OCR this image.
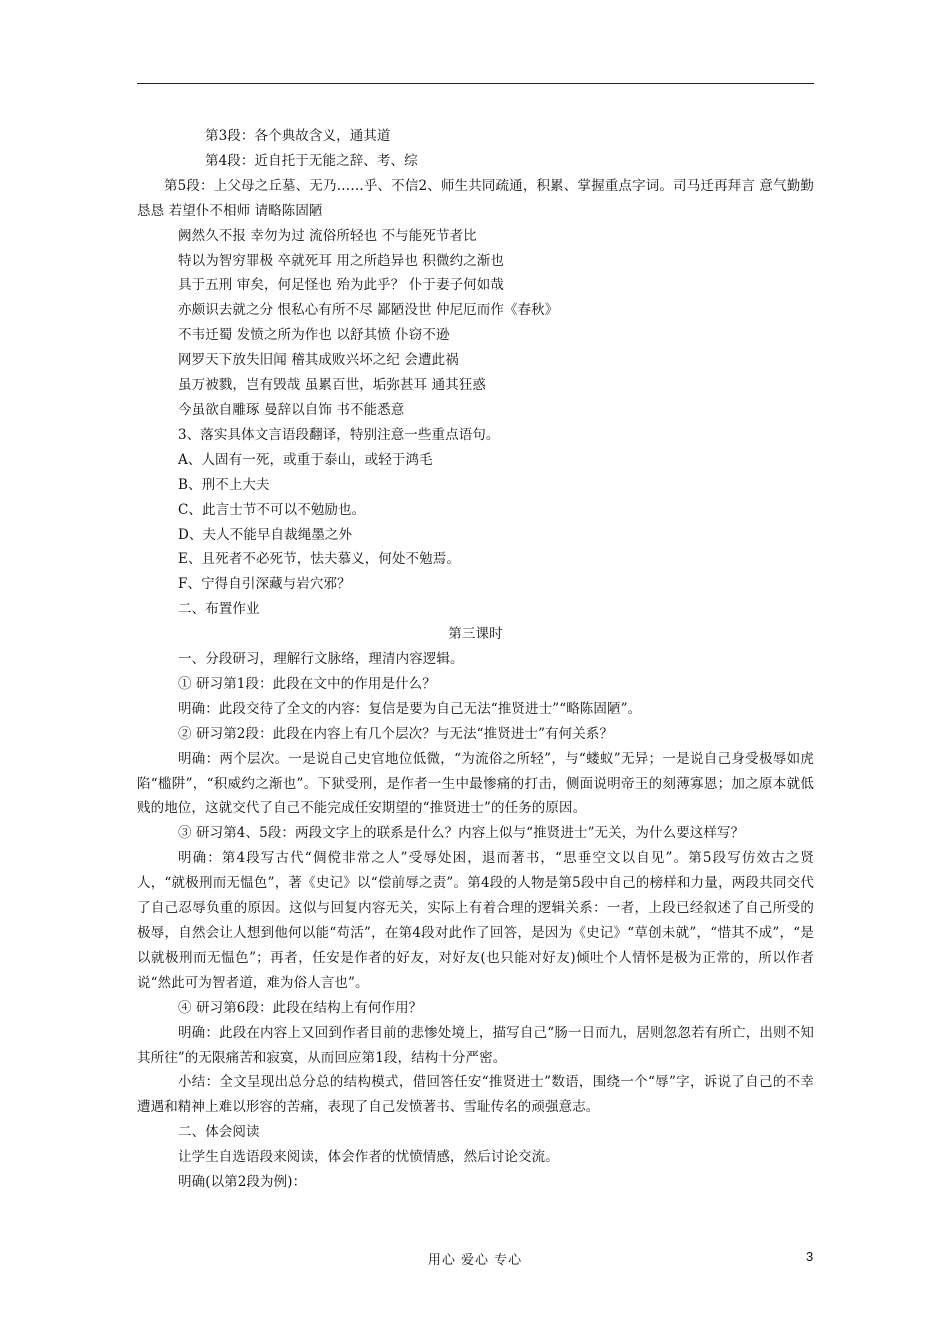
第3段：各个典故含义，通其道

第4段：近自托于无能之辞、考、综

第5段：上父母之丘墓、无乃……乎、不信2、师生共同疏通，积累、掌握重点字词。司马迁再拜言 意气勤勤恳恳 若望仆不相师 请略陈固陋

阙然久不报 幸勿为过 流俗所轻也 不与能死节者比

特以为智穷罪极 卒就死耳 用之所趋异也 积微约之渐也

具于五刑 审矣，何足怪也 殆为此乎？ 仆于妻子何如哉

亦颇识去就之分 恨私心有所不尽 鄙陋没世 仲尼厄而作《春秋》

不韦迁蜀 发愤之所为作也 以舒其愤 仆窃不逊

网罗天下放失旧闻 稽其成败兴坏之纪 会遭此祸

虽万被戮，岂有毁哉 虽累百世，垢弥甚耳 通其狂惑

今虽欲自雕琢 曼辞以自饰 书不能悉意

3、落实具体文言语段翻译，特别注意一些重点语句。

A、人固有一死，或重于泰山，或轻于鸿毛

B、刑不上大夫

C、此言士节不可以不勉励也。

D、夫人不能早自裁绳墨之外

E、且死者不必死节，怯夫慕义，何处不勉焉。

F、宁得自引深藏与岩穴邪？

二、布置作业

第三课时

一、分段研习，理解行文脉络，理清内容逻辑。

① 研习第1段：此段在文中的作用是什么？

明确：此段交待了全文的内容：复信是要为自己无法“推贤进士”“略陈固陋”。

② 研习第2段：此段在内容上有几个层次？与无法“推贤进士”有何关系？

明确：两个层次。一是说自己史官地位低微，“为流俗之所轻”，与“蝼蚁”无异；一是说自己身受极辱如虎陷“槛阱”，“积威约之渐也”。下狱受刑，是作者一生中最惨痛的打击，侧面说明帝王的刻薄寡恩；加之原本就低贱的地位，这就交代了自己不能完成任安期望的“推贤进士”的任务的原因。

③ 研习第4、5段：两段文字上的联系是什么？内容上似与“推贤进士”无关，为什么要这样写？

明确：第4段写古代“倜傥非常之人”受辱处困，退而著书，“思垂空文以自见”。第5段写仿效古之贤人，“就极刑而无愠色”，著《史记》以“偿前辱之责”。第4段的人物是第5段中自己的榜样和力量，两段共同交代了自己忍辱负重的原因。这似与回复内容无关，实际上有着合理的逻辑关系：一者，上段已经叙述了自己所受的极辱，自然会让人想到他何以能“苟活”，在第4段对此作了回答，是因为《史记》“草创未就”，“惜其不成”，“是以就极刑而无愠色”；再者，任安是作者的好友，对好友(也只能对好友)倾吐个人情怀是极为正常的，所以作者说“然此可为智者道，难为俗人言也”。

④ 研习第6段：此段在结构上有何作用？

明确：此段在内容上又回到作者目前的悲惨处境上，描写自己“肠一日而九，居则忽忽若有所亡，出则不知其所往”的无限痛苦和寂寞，从而回应第1段，结构十分严密。

小结：全文呈现出总分总的结构模式，借回答任安“推贤进士”数语，围绕一个“辱”字，诉说了自己的不幸遭遇和精神上难以形容的苦痛，表现了自己发愤著书、雪耻传名的顽强意志。

二、体会阅读

让学生自选语段来阅读，体会作者的忧愤情感，然后讨论交流。

明确(以第2段为例)：

用心 爱心 专心	3
